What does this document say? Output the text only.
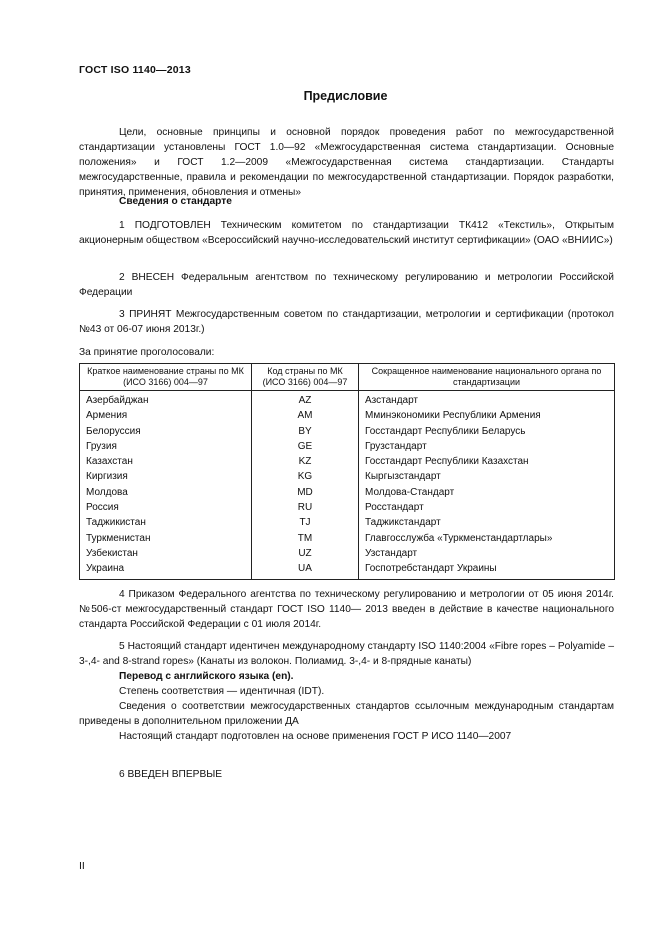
ГОСТ ISO 1140—2013
Предисловие
Цели, основные принципы и основной порядок проведения работ по межгосударственной стандартизации установлены ГОСТ 1.0—92 «Межгосударственная система стандартизации. Основные положения» и ГОСТ 1.2—2009 «Межгосударственная система стандартизации. Стандарты межгосударственные, правила и рекомендации по межгосударственной стандартизации. Порядок разработки, принятия, применения, обновления и отмены»
Сведения о стандарте
1 ПОДГОТОВЛЕН Техническим комитетом по стандартизации ТК412 «Текстиль», Открытым акционерным обществом «Всероссийский научно-исследовательский институт сертификации» (ОАО «ВНИИС»)
2 ВНЕСЕН Федеральным агентством по техническому регулированию и метрологии Российской Федерации
3 ПРИНЯТ Межгосударственным советом по стандартизации, метрологии и сертификации (протокол №43 от 06-07 июня 2013г.)
За принятие проголосовали:
Краткое наименование страны по МК (ИСО 3166) 004—97	Код страны по МК (ИСО 3166) 004—97	Сокращенное наименование национального органа по стандартизации
Азербайджан	AZ	Азстандарт
Армения	AM	Мминэкономики Республики Армения
Белоруссия	BY	Госстандарт Республики Беларусь
Грузия	GE	Грузстандарт
Казахстан	KZ	Госстандарт Республики Казахстан
Киргизия	KG	Кыргызстандарт
Молдова	MD	Молдова-Стандарт
Россия	RU	Росстандарт
Таджикистан	TJ	Таджикстандарт
Туркменистан	TM	Главгосслужба «Туркменстандартлары»
Узбекистан	UZ	Узстандарт
Украина	UA	Госпотребстандарт Украины
4 Приказом Федерального агентства по техническому регулированию и метрологии от 05 июня 2014г. №506-ст межгосударственный стандарт ГОСТ ISO 1140— 2013 введен в действие в качестве национального стандарта Российской Федерации с 01 июля 2014г.
5 Настоящий стандарт идентичен международному стандарту ISO 1140:2004 «Fibre ropes – Polyamide – 3-,4- and 8-strand ropes» (Канаты из волокон. Полиамид. 3-,4- и 8-прядные канаты)
Перевод с английского языка (en).
Степень соответствия — идентичная (IDT).
Сведения о соответствии межгосударственных стандартов ссылочным международным стандартам приведены в дополнительном приложении ДА
Настоящий стандарт подготовлен на основе применения ГОСТ Р ИСО 1140—2007
6 ВВЕДЕН ВПЕРВЫЕ
II
